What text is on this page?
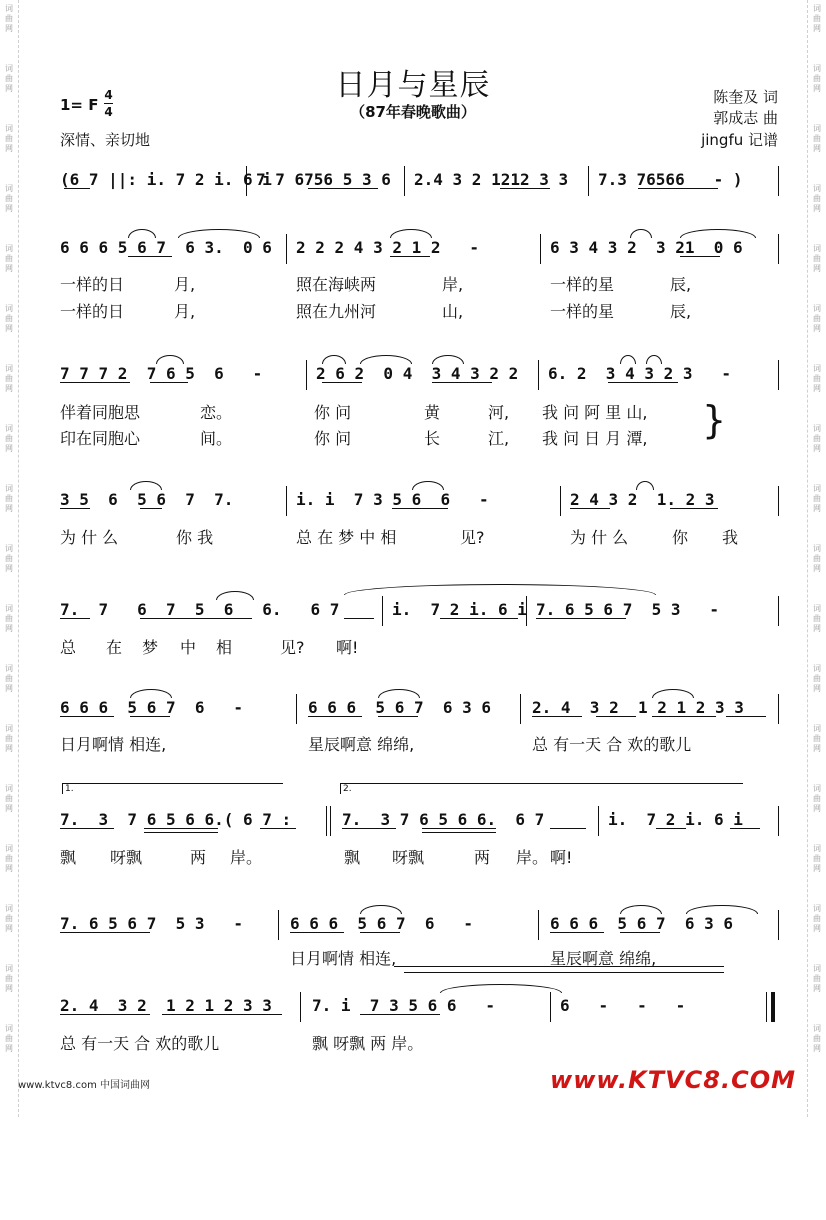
词曲网
词曲网
词曲网
词曲网
词曲网
词曲网
词曲网
词曲网
词曲网
词曲网
词曲网
词曲网
词曲网
词曲网
词曲网
词曲网
词曲网
词曲网
词曲网
词曲网
词曲网
词曲网
词曲网
词曲网
词曲网
词曲网
词曲网
词曲网
词曲网
词曲网
词曲网
词曲网
词曲网
词曲网
词曲网
词曲网
日月与星辰
（87年春晚歌曲）
1= F
4
4
深情、亲切地
陈奎及 词
郭成志 曲
jingfu 记谱

(6 7 ||: i. 7 2 i. 6 i

7 7 6756 5 3 6

2.4 3 2 1212 3 3

7.3 76566   - )

6 6 6 5 6 7  6 3.  0 6

2 2 2 4 3 2 1 2   -

	6 3 4 3 2  3 21  0 6

一样的日	月,	照在海峡两	岸,	一样的星	辰,
一样的日	月,	照在九州河	山,	一样的星	辰,

7 7 7 2  7 6 5  6   -

	2 6 2  0 4  3 4 3 2 2

6. 2  3 4 3 2 3   -

伴着同胞思	恋。	你 问	黄	河, 我 问 阿 里 山,
印在同胞心	间。	你 问	长	江, 我 问 日 月 潭, }

3 5  6  5 6  7  7.

	i. i  7 3 5 6  6   -

	2 4 3 2  1. 2 3

为 什 么	你 我	总 在 梦 中 相	见?	为 什 么	你 我

7.  7   6  7  5  6   6.   6 7

	i.  7 2 i. 6 i

7. 6 5 6 7  5 3   -

总 在 梦 中 相	见? 啊!

6 6 6  5 6 7  6   -

	6 6 6  5 6 7  6 3 6

	2. 4  3 2  1 2 1 2 3 3

日月啊情 相连,	星辰啊意 绵绵,	总 有一天 合 欢的歌儿
1.	2.

7.  3  7 6 5 6 6.( 6 7 :

	7.  3 7 6 5 6 6.  6 7

	i.  7 2 i. 6 i

飘 呀飘	两 岸。	飘 呀飘	两 岸。 啊!

7. 6 5 6 7  5 3   -

	6 6 6  5 6 7  6   -

	6 6 6  5 6 7  6 3 6

日月啊情 相连,	星辰啊意 绵绵,

2. 4  3 2  1 2 1 2 3 3

	7. i  7 3 5 6 6   -

	6   -   -   -

总 有一天 合 欢的歌儿	飘 呀飘 两 岸。
www.ktvc8.com 中国词曲网	www.KTVC8.COM
